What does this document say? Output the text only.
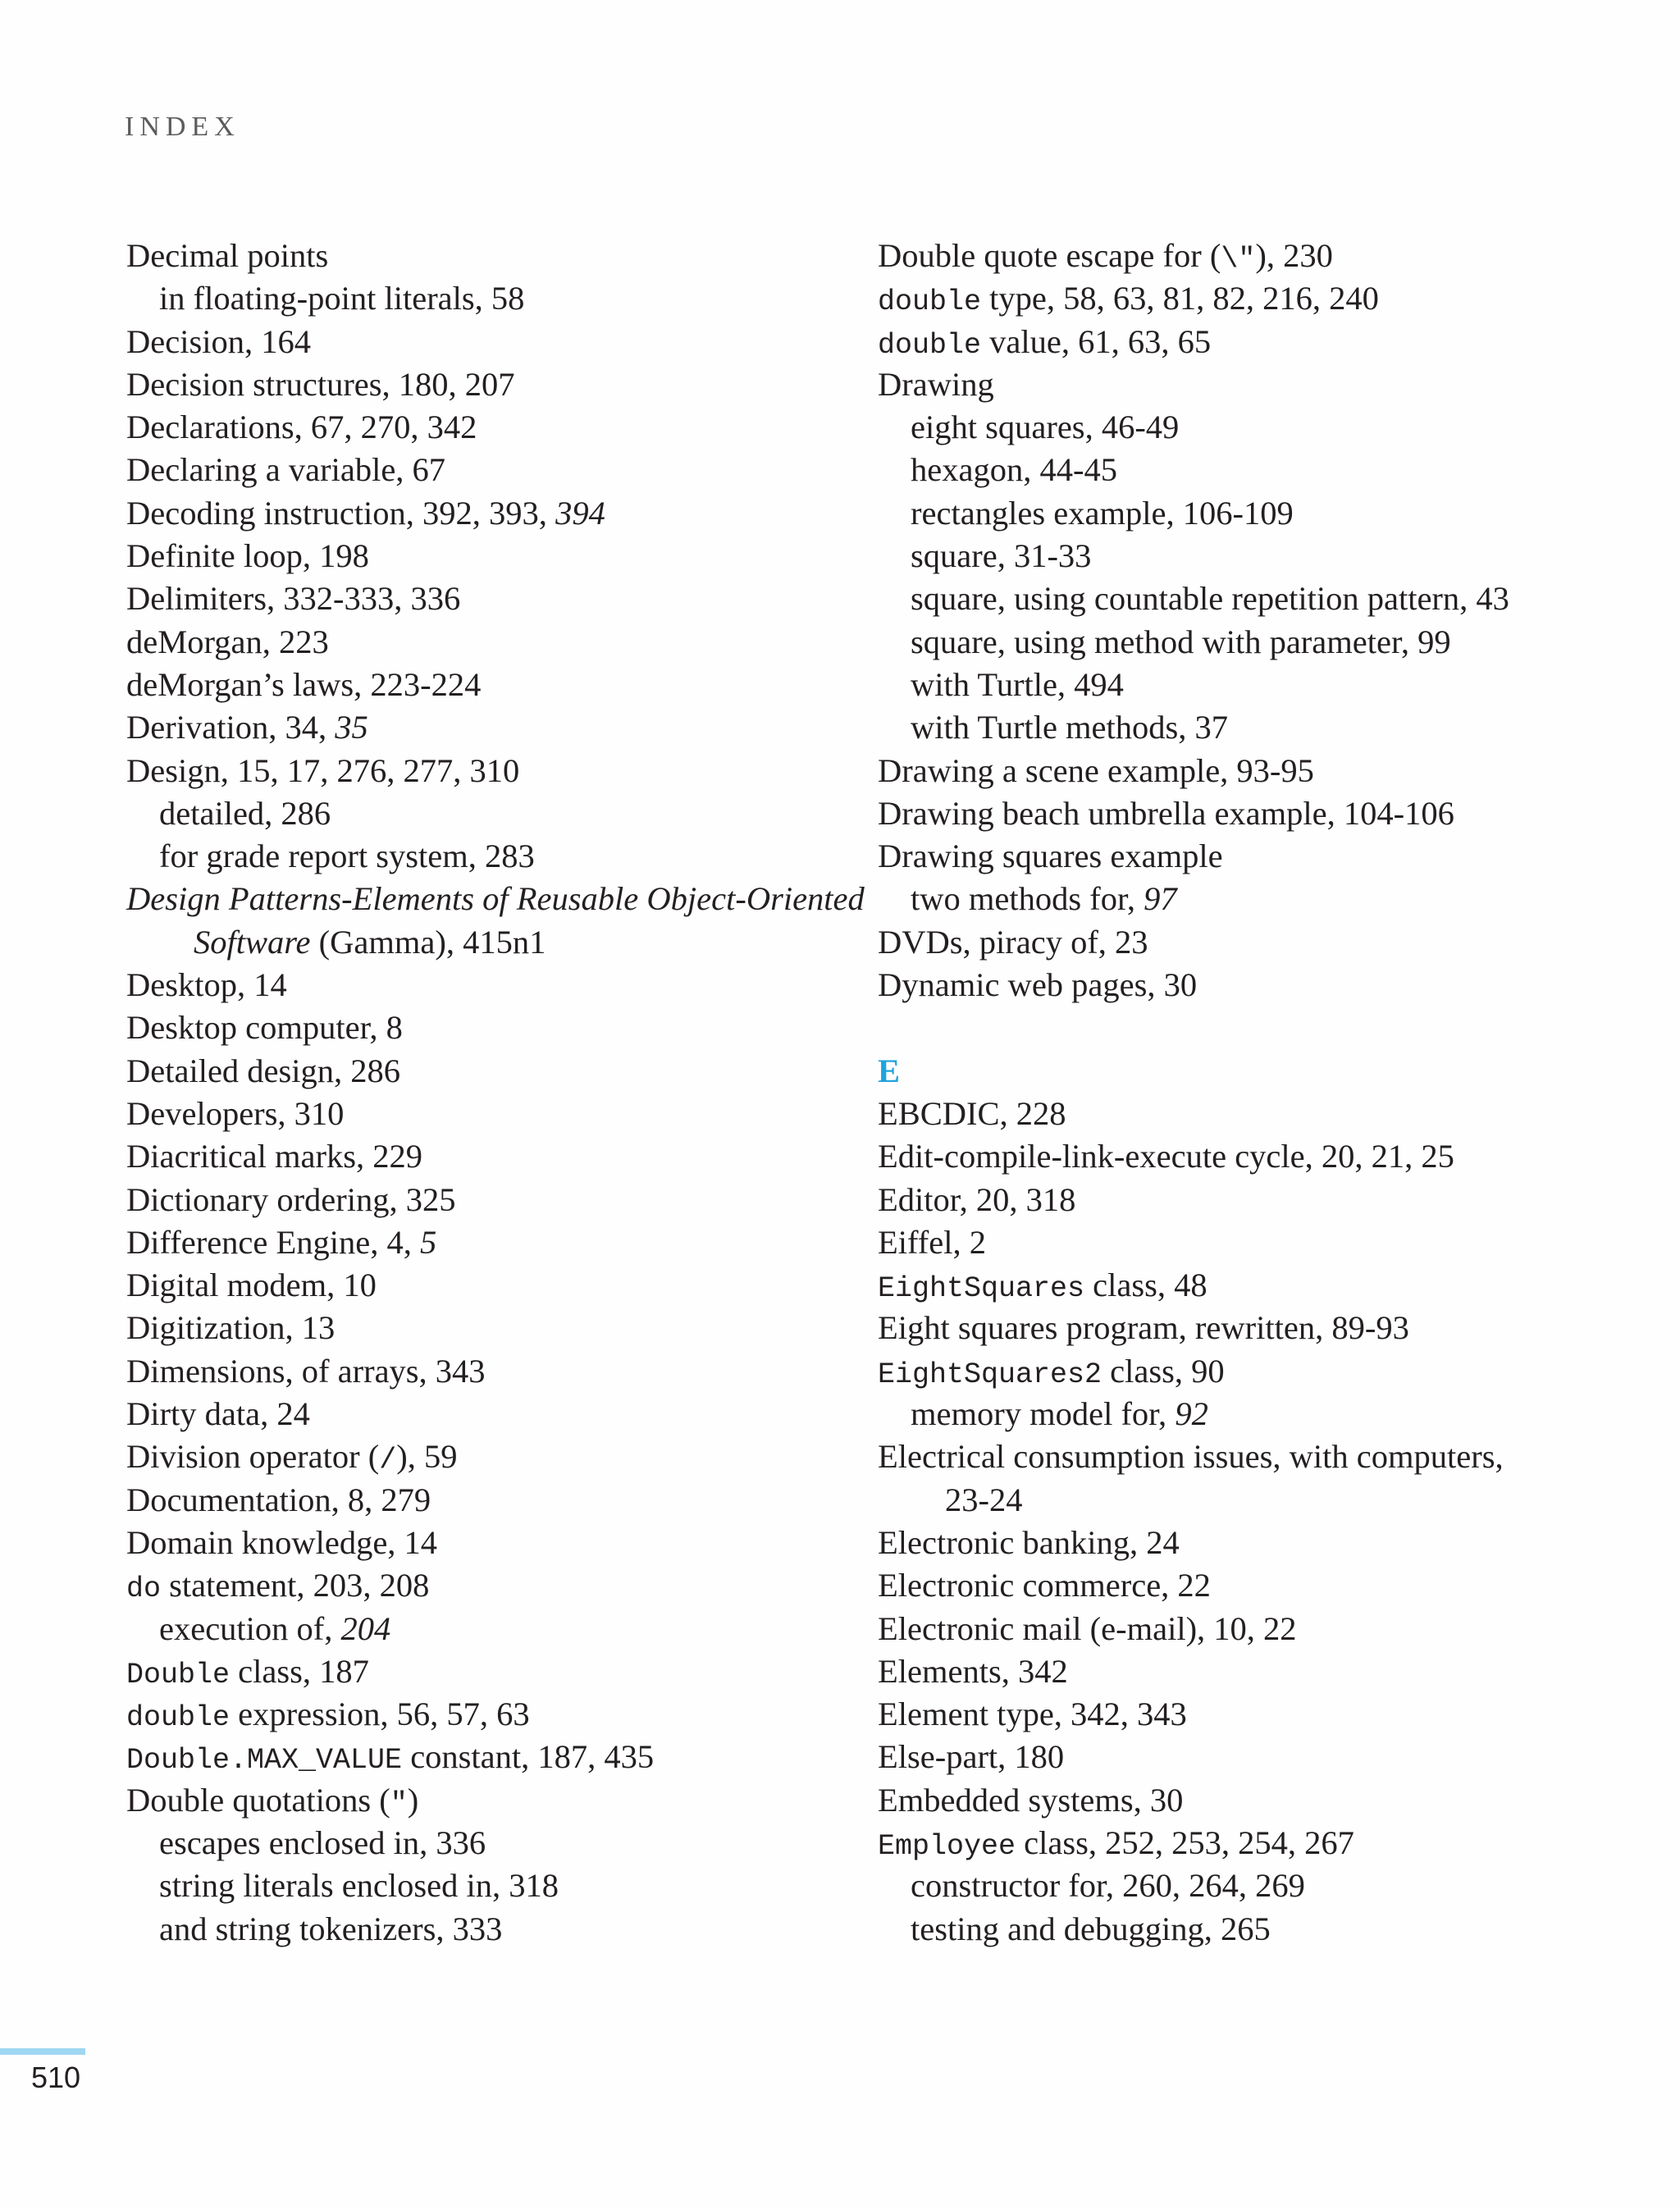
INDEX
Decimal points
in floating-point literals, 58
Decision, 164
Decision structures, 180, 207
Declarations, 67, 270, 342
Declaring a variable, 67
Decoding instruction, 392, 393, 394
Definite loop, 198
Delimiters, 332-333, 336
deMorgan, 223
deMorgan’s laws, 223-224
Derivation, 34, 35
Design, 15, 17, 276, 277, 310
detailed, 286
for grade report system, 283
Design Patterns-Elements of Reusable Object-Oriented
Software (Gamma), 415n1
Desktop, 14
Desktop computer, 8
Detailed design, 286
Developers, 310
Diacritical marks, 229
Dictionary ordering, 325
Difference Engine, 4, 5
Digital modem, 10
Digitization, 13
Dimensions, of arrays, 343
Dirty data, 24
Division operator (/), 59
Documentation, 8, 279
Domain knowledge, 14
do statement, 203, 208
execution of, 204
Double class, 187
double expression, 56, 57, 63
Double.MAX_VALUE constant, 187, 435
Double quotations (")
escapes enclosed in, 336
string literals enclosed in, 318
and string tokenizers, 333
Double quote escape for (\"), 230
double type, 58, 63, 81, 82, 216, 240
double value, 61, 63, 65
Drawing
eight squares, 46-49
hexagon, 44-45
rectangles example, 106-109
square, 31-33
square, using countable repetition pattern, 43
square, using method with parameter, 99
with Turtle, 494
with Turtle methods, 37
Drawing a scene example, 93-95
Drawing beach umbrella example, 104-106
Drawing squares example
two methods for, 97
DVDs, piracy of, 23
Dynamic web pages, 30
E
EBCDIC, 228
Edit-compile-link-execute cycle, 20, 21, 25
Editor, 20, 318
Eiffel, 2
EightSquares class, 48
Eight squares program, rewritten, 89-93
EightSquares2 class, 90
memory model for, 92
Electrical consumption issues, with computers,
23-24
Electronic banking, 24
Electronic commerce, 22
Electronic mail (e-mail), 10, 22
Elements, 342
Element type, 342, 343
Else-part, 180
Embedded systems, 30
Employee class, 252, 253, 254, 267
constructor for, 260, 264, 269
testing and debugging, 265
510
